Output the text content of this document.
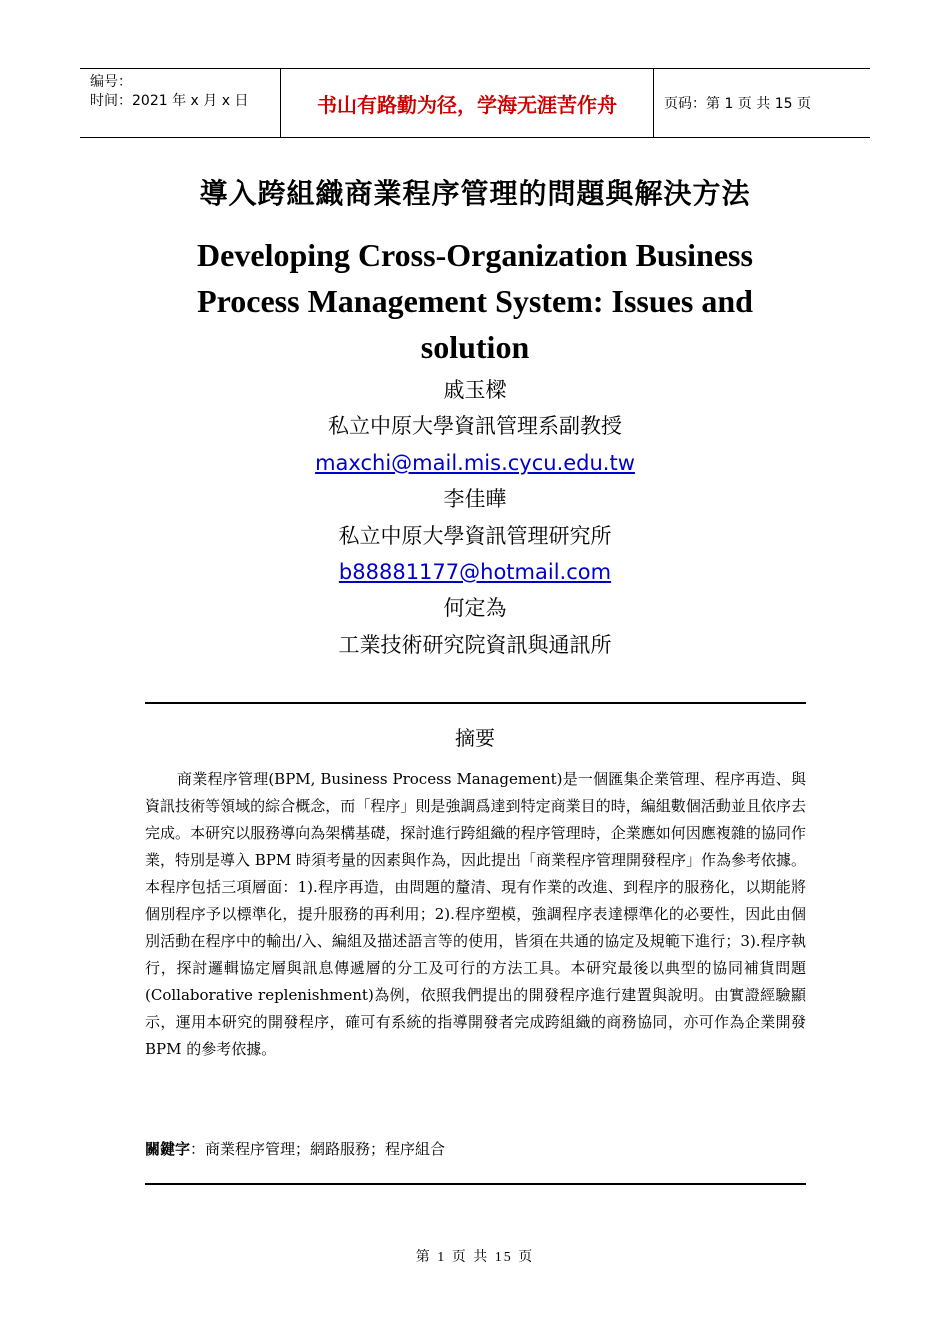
编号：
时间：2021 年 x 月 x 日	书山有路勤为径，学海无涯苦作舟	页码：第 1 页 共 15 页
導入跨組織商業程序管理的問題與解決方法
Developing Cross-Organization Business Process Management System: Issues and solution
戚玉樑
私立中原大學資訊管理系副教授
maxchi@mail.mis.cycu.edu.tw
李佳曄
私立中原大學資訊管理研究所
b88881177@hotmail.com
何定為
工業技術研究院資訊與通訊所
摘要
商業程序管理(BPM, Business Process Management)是一個匯集企業管理、程序再造、與資訊技術等領域的綜合概念，而「程序」則是強調爲達到特定商業目的時，編組數個活動並且依序去完成。本研究以服務導向為架構基礎，探討進行跨組織的程序管理時，企業應如何因應複雜的協同作業，特別是導入 BPM 時須考量的因素與作為，因此提出「商業程序管理開發程序」作為參考依據。本程序包括三項層面：1).程序再造，由問題的釐清、現有作業的改進、到程序的服務化，以期能將個別程序予以標準化，提升服務的再利用；2).程序塑模，強調程序表達標準化的必要性，因此由個別活動在程序中的輸出/入、編組及描述語言等的使用，皆須在共通的協定及規範下進行；3).程序執行，探討邏輯協定層與訊息傳遞層的分工及可行的方法工具。本研究最後以典型的協同補貨問題 (Collaborative replenishment)為例，依照我們提出的開發程序進行建置與說明。由實證經驗顯示，運用本研究的開發程序，確可有系統的指導開發者完成跨組織的商務協同，亦可作為企業開發 BPM 的參考依據。
關鍵字：商業程序管理；網路服務；程序組合
第 1 页 共 15 页
